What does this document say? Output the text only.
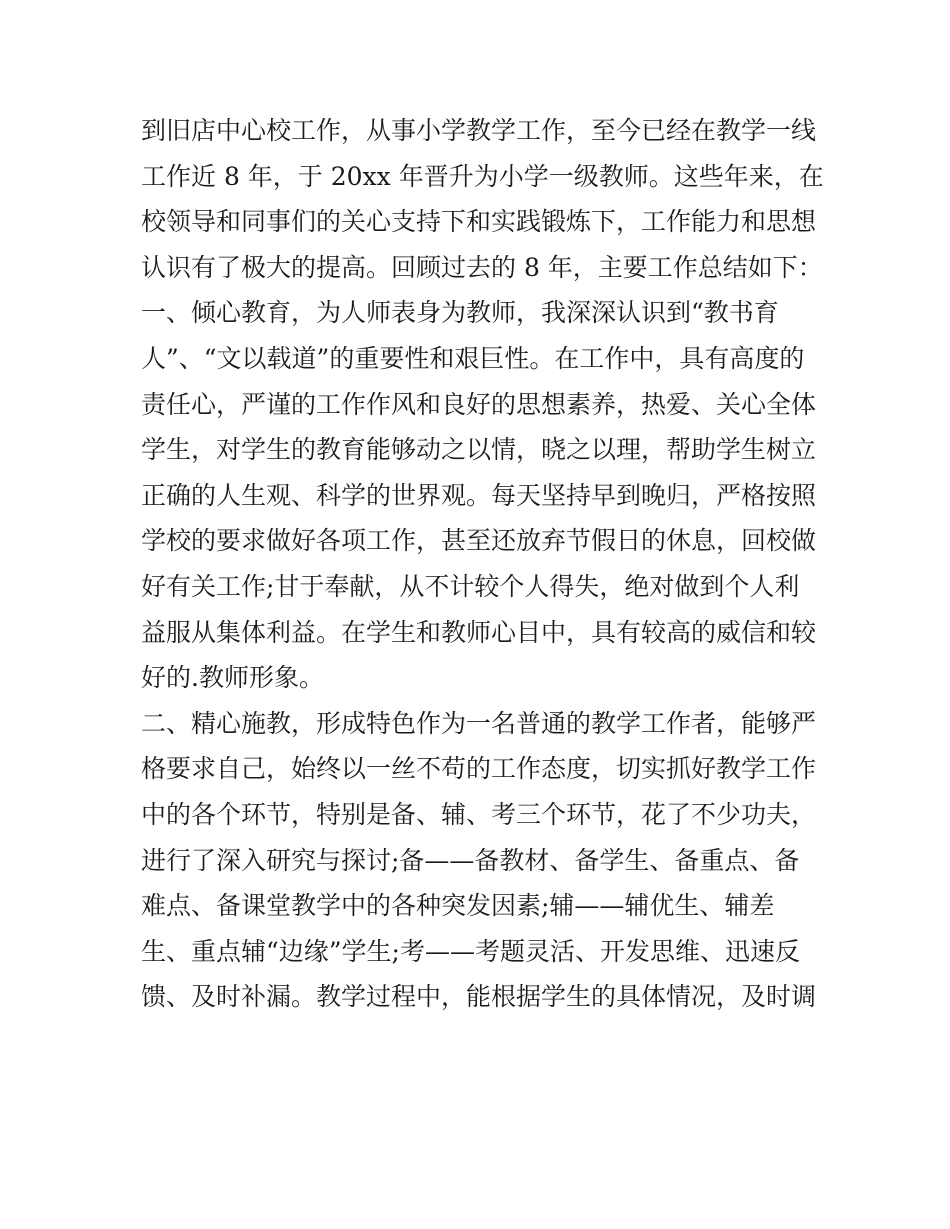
到旧店中心校工作，从事小学教学工作，至今已经在教学一线
工作近 8 年，于 20xx 年晋升为小学一级教师。这些年来，在
校领导和同事们的关心支持下和实践锻炼下，工作能力和思想
认识有了极大的提高。回顾过去的 8 年，主要工作总结如下：
一、倾心教育，为人师表身为教师，我深深认识到“教书育
人”、“文以载道”的重要性和艰巨性。在工作中，具有高度的
责任心，严谨的工作作风和良好的思想素养，热爱、关心全体
学生，对学生的教育能够动之以情，晓之以理，帮助学生树立
正确的人生观、科学的世界观。每天坚持早到晚归，严格按照
学校的要求做好各项工作，甚至还放弃节假日的休息，回校做
好有关工作;甘于奉献，从不计较个人得失，绝对做到个人利
益服从集体利益。在学生和教师心目中，具有较高的威信和较
好的.教师形象。
二、精心施教，形成特色作为一名普通的教学工作者，能够严
格要求自己，始终以一丝不苟的工作态度，切实抓好教学工作
中的各个环节，特别是备、辅、考三个环节，花了不少功夫，
进行了深入研究与探讨;备——备教材、备学生、备重点、备
难点、备课堂教学中的各种突发因素;辅——辅优生、辅差
生、重点辅“边缘”学生;考——考题灵活、开发思维、迅速反
馈、及时补漏。教学过程中，能根据学生的具体情况，及时调
